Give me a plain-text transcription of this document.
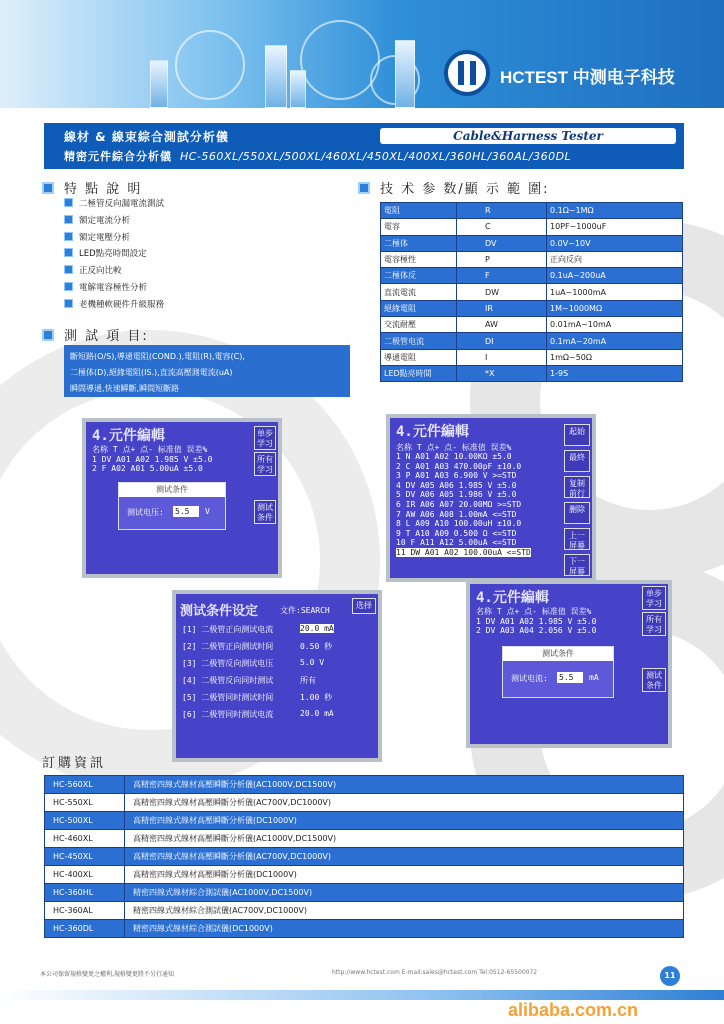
HCTEST 中测电子科技
線材 & 線束綜合測試分析儀
精密元件綜合分析儀 HC-560XL/550XL/500XL/460XL/450XL/400XL/360HL/360AL/360DL
Cable&Harness Tester
特 點 說 明
二極管反向漏電流測試
額定電流分析
額定電壓分析
LED點亮時間設定
正反向比較
電解電容極性分析
老機種軟硬件升級服務
測 試 項 目:
斷短路(O/S),導通電阻(COND.),電阻(R),電容(C),
二極体(D),絕緣電阻(IS.),直流高壓測電流(uA)
瞬間導通,快速瞬斷,瞬間短斷路
技 术 参 数/顯 示 範 圍:
電阻	R	0.1Ω~1MΩ
電容	C	10PF~1000uF
二極体	DV	0.0V~10V
電容極性	P	正向反向
二極体反	F	0.1uA~200uA
直流電流	DW	1uA~1000mA
絕緣電阻	IR	1M~1000MΩ
交流耐壓	AW	0.01mA~10mA
二极管电流	DI	0.1mA~20mA
導通電阻	I	1mΩ~50Ω
LED點亮時間	*X	1-9S
4.元件編輯
名称 T 点+ 点- 标准值 误差%
1 DV A01 A02 1.985 V ±5.0
2 F A02 A01 5.00uA ±5.0
单步
学习
所有
学习
测试
条件
测试条件
测试电压: 5.5	V
4.元件編輯
名称 T 点+ 点- 标准值 误差%
1 N A01 A02 10.00KΩ ±5.0
2 C A01 A03 470.00pF ±10.0
3 P A01 A03 6.900 V >=STD
4 DV A05 A06 1.985 V ±5.0
5 DV A06 A05 1.986 V ±5.0
6 IR A06 A07 20.00MΩ >=STD
7 AW A06 A08 1.00mA <=STD
8 L A09 A10 100.00uH ±10.0
9 T A10 A09 0.500 Ω <=STD
10 F A11 A12 5.00uA <=STD
11 DW A01 A02 100.00uA <=STD
起始
最終
复制
前行
删除
上一
屏幕
下一
屏幕
测试条件设定	文件:SEARCH
选择
[1] 二极管正向测试电流	20.0 mA
[2] 二极管正向测试时间	0.50 秒
[3] 二极管反向测试电压	5.0 V
[4] 二极管反向同时测试	所有
[5] 二极管同时测试时间	1.00 秒
[6] 二极管同时测试电流	20.0 mA
4.元件編輯
名称 T 点+ 点- 标准值 误差%
1 DV A01 A02 1.985 V ±5.0
2 DV A03 A04 2.056 V ±5.0
单步
学习
所有
学习
测试
条件
测试条件
测试电流: 5.5	mA
訂購資訊
HC-560XL	高精密四線式線材高壓瞬斷分析儀(AC1000V,DC1500V)
HC-550XL	高精密四線式線材高壓瞬斷分析儀(AC700V,DC1000V)
HC-500XL	高精密四線式線材高壓瞬斷分析儀(DC1000V)
HC-460XL	高精密四線式線材高壓瞬斷分析儀(AC1000V,DC1500V)
HC-450XL	高精密四線式線材高壓瞬斷分析儀(AC700V,DC1000V)
HC-400XL	高精密四線式線材高壓瞬斷分析儀(DC1000V)
HC-360HL	精密四線式線材綜合測試儀(AC1000V,DC1500V)
HC-360AL	精密四線式線材綜合測試儀(AC700V,DC1000V)
HC-360DL	精密四線式線材綜合測試儀(DC1000V)
本公司保留規格變更之權利,規格變更將不另行通知	http://www.hctest.com E-mail:sales@hctest.com Tel:0512-65500072	11
alibaba.com.cn
